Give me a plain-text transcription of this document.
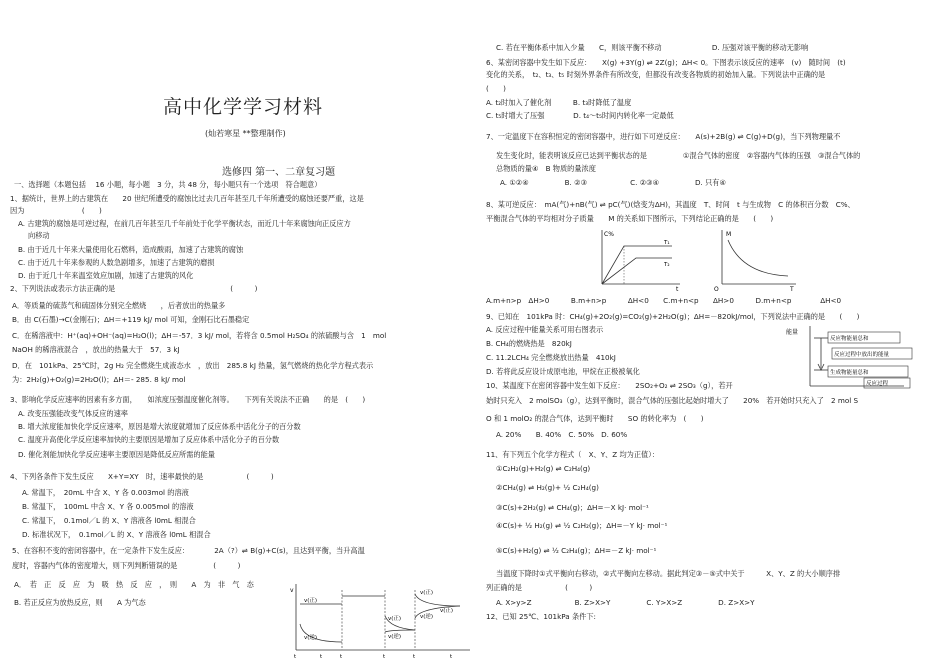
高中化学学习材料
(灿若寒星 **整理制作)
选修四 第一、二章复习题
一、选择题（本题包括　 16 小题，每小题　3 分，共 48 分，每小题只有一个选项　符合题意）
1、据统计，世界上的古建筑在　　20 世纪所遭受的腐蚀比过去几百年甚至几千年所遭受的腐蚀还要严重，这是
因为　　　　　　　　(　　)
A. 古建筑的腐蚀是可逆过程，在前几百年甚至几千年前处于化学平衡状态，而近几十年来腐蚀向正反应方
向移动
B. 由于近几十年来大量使用化石燃料，造成酸雨，加速了古建筑的腐蚀
C. 由于近几十年来参观的人数急剧增多，加速了古建筑的磨损
D. 由于近几十年来温室效应加剧，加速了古建筑的风化
2、下列说法或表示方法正确的是　　　　　　　　　　　　　　　　(　　　)
A．等质量的硫蒸气和硫固体分别完全燃烧　　，后者放出的热量多
B．由 C(石墨)→C(金刚石)；ΔH＝+119 kJ/ mol 可知，金刚石比石墨稳定
C．在稀溶液中：H⁺(aq)+OH⁻(aq)=H₂O(l)；ΔH＝-57．3 kJ/ mol，若将含 0.5mol H₂SO₄ 的浓硫酸与含　1　mol
NaOH 的稀溶液混合　，放出的热量大于　57．3 kJ
D．在　101kPa、25℃时，2g H₂ 完全燃烧生成液态水　，放出　285.8 kJ 热量，氢气燃烧的热化学方程式表示
为：2H₂(g)+O₂(g)=2H₂O(l)；ΔH＝- 285. 8 kJ/ mol
3、影响化学反应速率的因素有多方面，　　如浓度压强温度催化剂等。　　下列有关说法不正确　　的是　(　　)
A. 改变压强能改变气体反应的速率
B. 增大浓度能加快化学反应速率，原因是增大浓度就增加了反应体系中活化分子的百分数
C. 温度升高使化学反应速率加快的主要原因是增加了反应体系中活化分子的百分数
D. 催化剂能加快化学反应速率主要原因是降低反应所需的能量
4、下列各条件下发生反应　　X+Y=XY　时，速率最快的是　　　　　　(　　　)
A. 常温下，　20mL 中含 X、Y 各 0.003mol 的溶液
B. 常温下，　100mL 中含 X、Y 各 0.005mol 的溶液
C. 常温下，　0.1mol／L 的 X、Y 溶液各 l0mL 相混合
D. 标准状况下，　0.1mol／L 的 X、Y 溶液各 l0mL 相混合
5、在容积不变的密闭容器中，在一定条件下发生反应：　　　　2A（?）⇌ B(g)+C(s)，且达到平衡，当升高温
度时，容器内气体的密度增大，则下列判断错误的是　　　　　(　　　)
A．　若　正　反　应　为　吸　热　反　应　，　则　　A　为　非　气　态
B. 若正反应为放热反应，则　　A 为气态
C. 若在平衡体系中加入少量　　C，则该平衡不移动　　　　　　　D. 压强对该平衡的移动无影响
6、某密闭容器中发生如下反应：　　X(g) +3Y(g) ⇌ 2Z(g)；ΔH< 0。下图表示该反应的速率　(v)　随时间　(t)
变化的关系，　t₂、t₃、t₅ 时刻外界条件有所改变，但都没有改变各物质的初始加入量。下列说法中正确的是
(　　)
A. t₂时加入了催化剂　　　B. t₃时降低了温度
C. t₅时增大了压强　　　　D. t₄～t₅时间内转化率一定最低
7、一定温度下在容积恒定的密闭容器中，进行如下可逆反应：　　A(s)+2B(g) ⇌ C(g)+D(g)，当下列物理量不
发生变化时，能表明该反应已达到平衡状态的是　　　　　①混合气体的密度　②容器内气体的压强　③混合气体的
总物质的量④　B 物质的量浓度
A. ①②④　　　　　B. ②③　　　　　　C. ②③④　　　　　D. 只有④
8、某可逆反应：　mA(气)+nB(气) ⇌ pC(气)(焓变为ΔH)，其温度　T、时间　t 与生成物　C 的体积百分数　C%、
平衡混合气体的平均相对分子质量　　M 的关系如下图所示，下列结论正确的是　　(　　)
A.m+n>p　ΔH>0　　　B.m+n>p　　　ΔH<0　　C.m+n<p　　ΔH>0　　　D.m+n<p　　　　ΔH<0
9、已知在　101kPa 时：CH₄(g)+2O₂(g)=CO₂(g)+2H₂O(g)；ΔH=－820kJ/mol，下列说法中正确的是　　(　　)
A. 反应过程中能量关系可用右图表示
B. CH₄的燃烧热是　820kJ
C. 11.2LCH₄ 完全燃烧放出热量　410kJ
D. 若将此反应设计成原电池，甲烷在正极被氧化
10、某温度下在密闭容器中发生如下反应：　　2SO₂+O₂ ⇌ 2SO₃（g），若开
始时只充入　2 molSO₃（g），达到平衡时，混合气体的压强比起始时增大了　　20%　若开始时只充入了　2 mol S
O 和 1 molO₂ 的混合气体，达到平衡时　　SO 的转化率为　(　　)
A. 20%　　B. 40%　C. 50%　D. 60%
11、有下列五个化学方程式（　X、Y、Z 均为正值）：
①C₂H₂(g)+H₂(g) ⇌ C₂H₄(g)
②CH₄(g) ⇌ H₂(g)+ ½ C₂H₄(g)
③C(s)+2H₂(g) ⇌ CH₄(g)；ΔH=－X kJ· mol⁻¹
④C(s)+ ½ H₂(g) ⇌ ½ C₂H₂(g)；ΔH=－Y kJ· mol⁻¹
⑤C(s)+H₂(g) ⇌ ½ C₂H₄(g)；ΔH=－Z kJ· mol⁻¹
当温度下降时①式平衡向右移动，②式平衡向左移动。据此判定③－⑤式中关于　　　X、Y、Z 的大小顺序排
列正确的是　　　　　　(　　　)
A. X>y>Z　　　　　　B. Z>X>Y　　　　　C. Y>X>Z　　　　　D. Z>X>Y
12、已知 25℃、101kPa 条件下:
v
v(正)
v(逆)
v(正)
v(逆)
v(正)
v(逆)
v(正)
t	t	t	t	t	t
C%
t
T₁
T₂
M
T
O
能量
反应物能量总和
反应过程中放出的能量
生成物能量总和
反应过程
